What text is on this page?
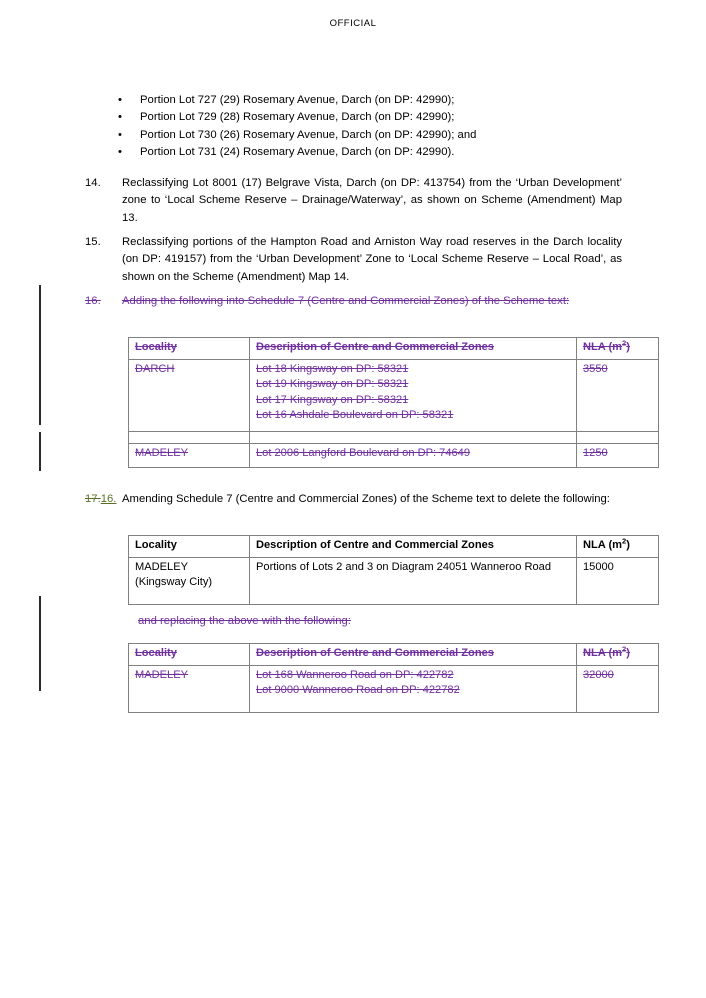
OFFICIAL
• Portion Lot 727 (29) Rosemary Avenue, Darch (on DP: 42990);
• Portion Lot 729 (28) Rosemary Avenue, Darch (on DP: 42990);
• Portion Lot 730 (26) Rosemary Avenue, Darch (on DP: 42990); and
• Portion Lot 731 (24) Rosemary Avenue, Darch (on DP: 42990).
14.	Reclassifying Lot 8001 (17) Belgrave Vista, Darch (on DP: 413754) from the ‘Urban Development’ zone to ‘Local Scheme Reserve – Drainage/Waterway’, as shown on Scheme (Amendment) Map 13.
15.	Reclassifying portions of the Hampton Road and Arniston Way road reserves in the Darch locality (on DP: 419157) from the ‘Urban Development’ Zone to ‘Local Scheme Reserve – Local Road’, as shown on the Scheme (Amendment) Map 14.
16.	Adding the following into Schedule 7 (Centre and Commercial Zones) of the Scheme text:
Locality	Description of Centre and Commercial Zones	NLA $(m^2)$
DARCH	Lot 18 Kingsway on DP: 58321
Lot 19 Kingsway on DP: 58321
Lot 17 Kingsway on DP: 58321
Lot 16 Ashdale Boulevard on DP: 58321	3550

MADELEY	Lot 2006 Langford Boulevard on DP: 74649	1250
17.16. Amending Schedule 7 (Centre and Commercial Zones) of the Scheme text to delete the following:
Locality	Description of Centre and Commercial Zones	NLA $(m^2)$

MADELEY
(Kingsway City)	Portions of Lots 2 and 3 on Diagram 24051 Wanneroo Road	15000
and replacing the above with the following:
Locality	Description of Centre and Commercial Zones	NLA $(m^2)$
MADELEY	Lot 168 Wanneroo Road on DP: 422782
Lot 9000 Wanneroo Road on DP: 422782	32000
